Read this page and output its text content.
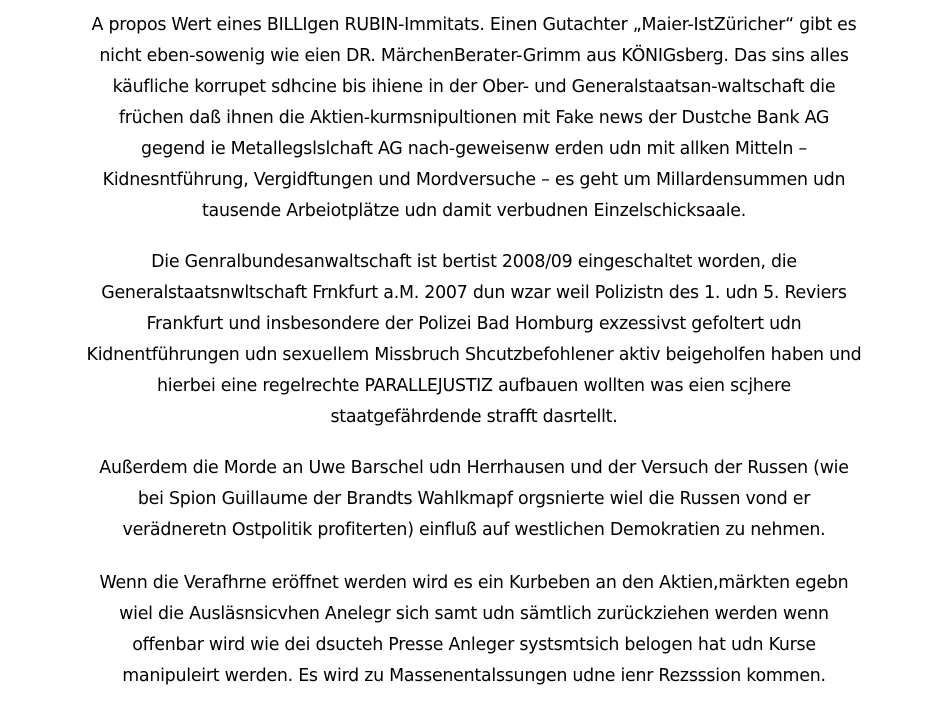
A propos Wert eines BILLIgen RUBIN-Immitats. Einen Gutachter „Maier-IstZüricher“ gibt es
nicht eben-sowenig wie eien DR. MärchenBerater-Grimm aus KÖNIGsberg. Das sins alles
käufliche korrupet sdhcine bis ihiene in der Ober- und Generalstaatsan-waltschaft die
früchen daß ihnen die Aktien-kurmsnipultionen mit Fake news der Dustche Bank AG
gegend ie Metallegslslchaft AG nach-geweisenw erden udn mit allken Mitteln –
Kidnesntführung, Vergidftungen und Mordversuche – es geht um Millardensummen udn
tausende Arbeiotplätze udn damit verbudnen Einzelschicksaale.
Die Genralbundesanwaltschaft ist bertist 2008/09 eingeschaltet worden, die
Generalstaatsnwltschaft Frnkfurt a.M. 2007 dun wzar weil Polizistn des 1. udn 5. Reviers
Frankfurt und insbesondere der Polizei Bad Homburg exzessivst gefoltert udn
Kidnentführungen udn sexuellem Missbruch Shcutzbefohlener aktiv beigeholfen haben und
hierbei eine regelrechte PARALLEJUSTIZ aufbauen wollten was eien scjhere
staatgefährdende strafft dasrtellt.
Außerdem die Morde an Uwe Barschel udn Herrhausen und der Versuch der Russen (wie
bei Spion Guillaume der Brandts Wahlkmapf orgsnierte wiel die Russen vond er
verädneretn Ostpolitik profiterten) einfluß auf westlichen Demokratien zu nehmen.
Wenn die Verafhrne eröffnet werden wird es ein Kurbeben an den Aktien,märkten egebn
wiel die Ausläsnsicvhen Anelegr sich samt udn sämtlich zurückziehen werden wenn
offenbar wird wie dei dsucteh Presse Anleger systsmtsich belogen hat udn Kurse
manipuleirt werden. Es wird zu Massenentalssungen udne ienr Rezsssion kommen.
